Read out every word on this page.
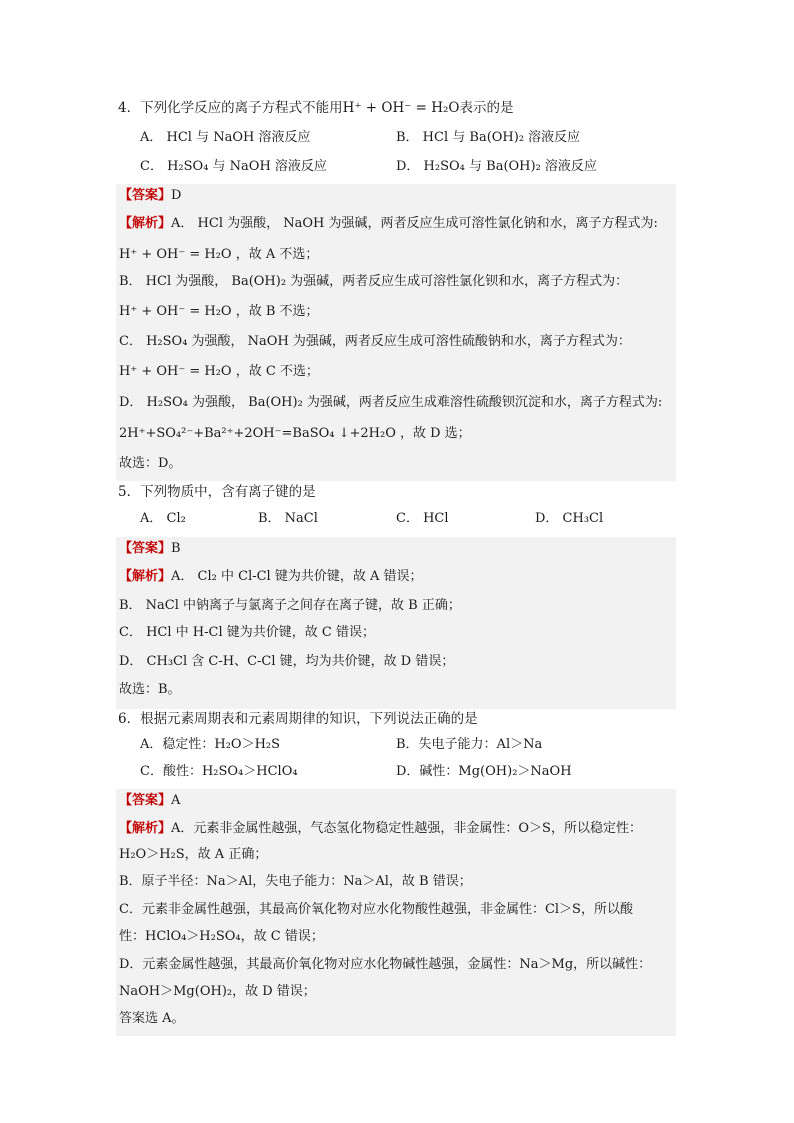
4．下列化学反应的离子方程式不能用H⁺ + OH⁻ = H₂O表示的是
A． HCl 与 NaOH 溶液反应	B． HCl 与 Ba(OH)₂ 溶液反应
C． H₂SO₄ 与 NaOH 溶液反应	D． H₂SO₄ 与 Ba(OH)₂ 溶液反应
【答案】D
【解析】A． HCl 为强酸， NaOH 为强碱，两者反应生成可溶性氯化钠和水，离子方程式为:
H⁺ + OH⁻ = H₂O ，故 A 不选；
B． HCl 为强酸， Ba(OH)₂ 为强碱，两者反应生成可溶性氯化钡和水，离子方程式为：
H⁺ + OH⁻ = H₂O ，故 B 不选；
C． H₂SO₄ 为强酸， NaOH 为强碱，两者反应生成可溶性硫酸钠和水，离子方程式为：
H⁺ + OH⁻ = H₂O ，故 C 不选；
D． H₂SO₄ 为强酸， Ba(OH)₂ 为强碱，两者反应生成难溶性硫酸钡沉淀和水，离子方程式为:
2H⁺+SO₄²⁻+Ba²⁺+2OH⁻=BaSO₄ ↓+2H₂O ，故 D 选；
故选：D。
5．下列物质中，含有离子键的是
A． Cl₂	B． NaCl	C． HCl	D． CH₃Cl
【答案】B
【解析】A． Cl₂ 中 Cl-Cl 键为共价键，故 A 错误；
B． NaCl 中钠离子与氯离子之间存在离子键，故 B 正确；
C． HCl 中 H-Cl 键为共价键，故 C 错误；
D． CH₃Cl 含 C-H、C-Cl 键，均为共价键，故 D 错误；
故选：B。
6．根据元素周期表和元素周期律的知识，下列说法正确的是
A．稳定性：H₂O＞H₂S	B．失电子能力：Al＞Na
C．酸性：H₂SO₄＞HClO₄	D．碱性：Mg(OH)₂＞NaOH
【答案】A
【解析】A．元素非金属性越强，气态氢化物稳定性越强，非金属性：O＞S，所以稳定性：
H₂O＞H₂S，故 A 正确；
B．原子半径：Na＞Al，失电子能力：Na＞Al，故 B 错误；
C．元素非金属性越强，其最高价氧化物对应水化物酸性越强，非金属性：Cl＞S，所以酸
性：HClO₄＞H₂SO₄，故 C 错误；
D．元素金属性越强，其最高价氧化物对应水化物碱性越强，金属性：Na＞Mg，所以碱性：
NaOH＞Mg(OH)₂，故 D 错误；
答案选 A。
